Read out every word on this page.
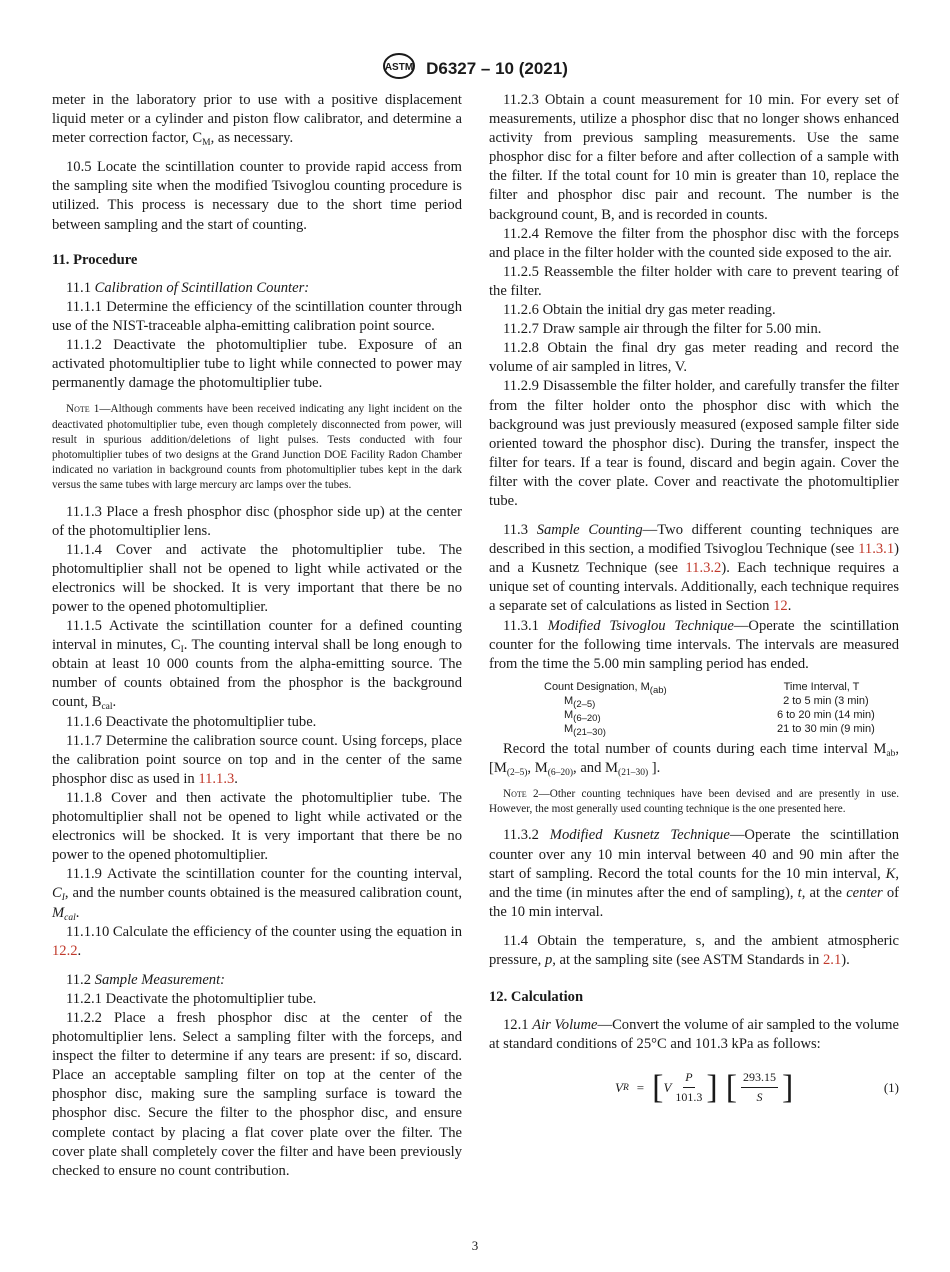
ASTM D6327 – 10 (2021)

meter in the laboratory prior to use with a positive displacement liquid meter or a cylinder and piston flow calibrator, and determine a meter correction factor, $C_M$, as necessary.

10.5 Locate the scintillation counter to provide rapid access from the sampling site when the modified Tsivoglou counting procedure is utilized. This process is necessary due to the short time period between sampling and the start of counting.

11. Procedure

11.1 Calibration of Scintillation Counter:

11.1.1 Determine the efficiency of the scintillation counter through use of the NIST-traceable alpha-emitting calibration point source.

11.1.2 Deactivate the photomultiplier tube. Exposure of an activated photomultiplier tube to light while connected to power may permanently damage the photomultiplier tube.

Note 1—Although comments have been received indicating any light incident on the deactivated photomultiplier tube, even though completely disconnected from power, will result in spurious addition/deletions of light pulses. Tests conducted with four photomultiplier tubes of two designs at the Grand Junction DOE Facility Radon Chamber indicated no variation in background counts from photomultiplier tubes kept in the dark versus the same tubes with large mercury arc lamps over the tubes.

11.1.3 Place a fresh phosphor disc (phosphor side up) at the center of the photomultiplier lens.

11.1.4 Cover and activate the photomultiplier tube. The photomultiplier shall not be opened to light while activated or the electronics will be shocked. It is very important that there be no power to the opened photomultiplier.

11.1.5 Activate the scintillation counter for a defined counting interval in minutes, $C_I$. The counting interval shall be long enough to obtain at least 10 000 counts from the alpha-emitting source. The number of counts obtained from the phosphor is the background count, $B_{cal}$.

11.1.6 Deactivate the photomultiplier tube.

11.1.7 Determine the calibration source count. Using forceps, place the calibration point source on top and in the center of the same phosphor disc as used in 11.1.3.

11.1.8 Cover and then activate the photomultiplier tube. The photomultiplier shall not be opened to light while activated or the electronics will be shocked. It is very important that there be no power to the opened photomultiplier.

11.1.9 Activate the scintillation counter for the counting interval, $C_I$, and the number counts obtained is the measured calibration count, $M_{cal}$.

11.1.10 Calculate the efficiency of the counter using the equation in 12.2.

11.2 Sample Measurement:

11.2.1 Deactivate the photomultiplier tube.

11.2.2 Place a fresh phosphor disc at the center of the photomultiplier lens. Select a sampling filter with the forceps, and inspect the filter to determine if any tears are present: if so, discard. Place an acceptable sampling filter on top at the center of the phosphor disc, making sure the sampling surface is toward the phosphor disc. Secure the filter to the phosphor disc, and ensure complete contact by placing a flat cover plate over the filter. The cover plate shall completely cover the filter and have been previously checked to ensure no count contribution.

11.2.3 Obtain a count measurement for 10 min. For every set of measurements, utilize a phosphor disc that no longer shows enhanced activity from previous sampling measurements. Use the same phosphor disc for a filter before and after collection of a sample with the filter. If the total count for 10 min is greater than 10, replace the filter and phosphor disc pair and recount. The number is the background count, B, and is recorded in counts.

11.2.4 Remove the filter from the phosphor disc with the forceps and place in the filter holder with the counted side exposed to the air.

11.2.5 Reassemble the filter holder with care to prevent tearing of the filter.

11.2.6 Obtain the initial dry gas meter reading.

11.2.7 Draw sample air through the filter for 5.00 min.

11.2.8 Obtain the final dry gas meter reading and record the volume of air sampled in litres, V.

11.2.9 Disassemble the filter holder, and carefully transfer the filter from the filter holder onto the phosphor disc with which the background was just previously measured (exposed sample filter side oriented toward the phosphor disc). During the transfer, inspect the filter for tears. If a tear is found, discard and begin again. Cover the filter with the cover plate. Cover and reactivate the photomultiplier tube.

11.3 Sample Counting—Two different counting techniques are described in this section, a modified Tsivoglou Technique (see 11.3.1) and a Kusnetz Technique (see 11.3.2). Each technique requires a unique set of counting intervals. Additionally, each technique requires a separate set of calculations as listed in Section 12.

11.3.1 Modified Tsivoglou Technique—Operate the scintillation counter for the following time intervals. The intervals are measured from the time the 5.00 min sampling period has ended.

Count Designation, $M_{(ab)}$	Time Interval, T
$M_{(2-5)}$	2 to 5 min (3 min)
$M_{(6-20)}$	6 to 20 min (14 min)
$M_{(21-30)}$	21 to 30 min (9 min)

Record the total number of counts during each time interval $M_{ab}$, [$M_{(2-5)}$, $M_{(6-20)}$, and $M_{(21-30)}$ ].

Note 2—Other counting techniques have been devised and are presently in use. However, the most generally used counting technique is the one presented here.

11.3.2 Modified Kusnetz Technique—Operate the scintillation counter over any 10 min interval between 40 and 90 min after the start of sampling. Record the total counts for the 10 min interval, K, and the time (in minutes after the end of sampling), t, at the center of the 10 min interval.

11.4 Obtain the temperature, s, and the ambient atmospheric pressure, p, at the sampling site (see ASTM Standards in 2.1).

12. Calculation

12.1 Air Volume—Convert the volume of air sampled to the volume at standard conditions of 25°C and 101.3 kPa as follows:

V R = [ V $\frac{P}{101.3}$ ] [ $\frac{293.15}{S}$ ]	(1)
3
